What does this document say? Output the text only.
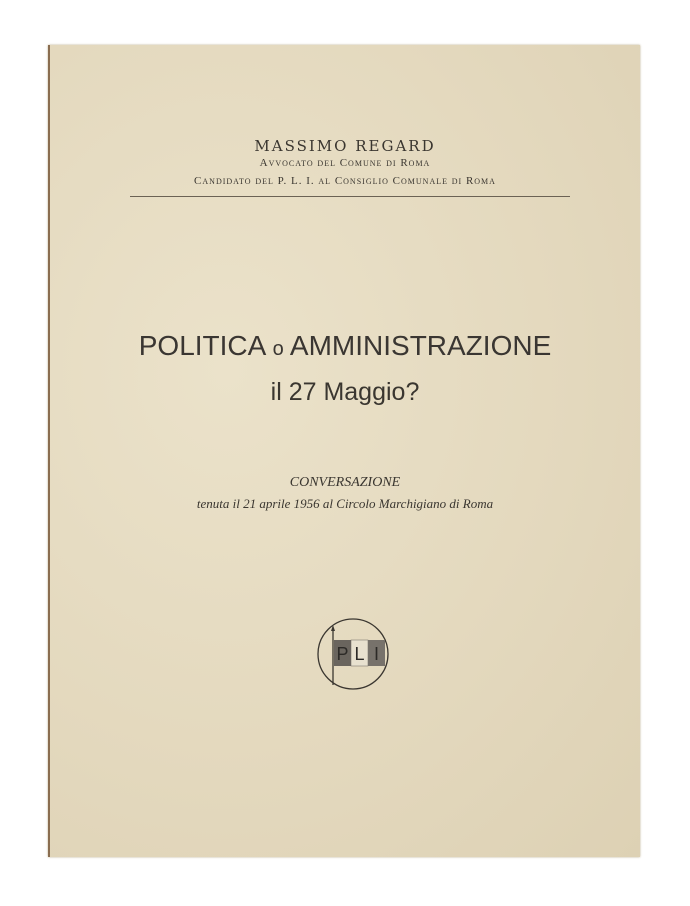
MASSIMO REGARD
Avvocato del Comune di Roma
Candidato del P. L. I. al Consiglio Comunale di Roma
POLITICA o AMMINISTRAZIONE
il 27 Maggio?
CONVERSAZIONE
tenuta il 21 aprile 1956 al Circolo Marchigiano di Roma
P L I
